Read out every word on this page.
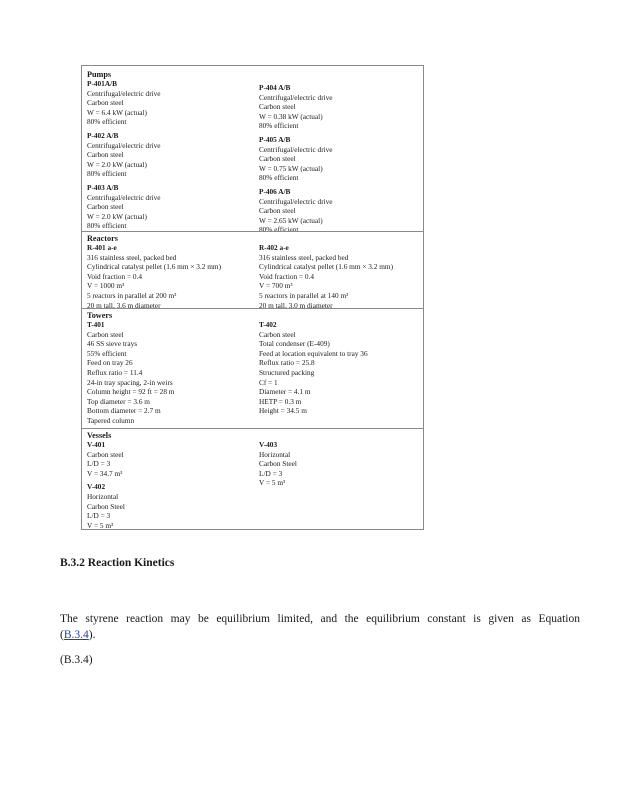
Pumps
P-401A/B
Centrifugal/electric drive
Carbon steel
W = 6.4 kW (actual)
80% efficient
P-402 A/B
Centrifugal/electric drive
Carbon steel
W = 2.0 kW (actual)
80% efficient
P-403 A/B
Centrifugal/electric drive
Carbon steel
W = 2.0 kW (actual)
80% efficient
P-404 A/B
Centrifugal/electric drive
Carbon steel
W = 0.38 kW (actual)
80% efficient
P-405 A/B
Centrifugal/electric drive
Carbon steel
W = 0.75 kW (actual)
80% efficient
P-406 A/B
Centrifugal/electric drive
Carbon steel
W = 2.65 kW (actual)
80% efficient
Reactors
R-401 a-e
316 stainless steel, packed bed
Cylindrical catalyst pellet (1.6 mm × 3.2 mm)
Void fraction = 0.4
V = 1000 m³
5 reactors in parallel at 200 m³
20 m tall, 3.6 m diameter
R-402 a-e
316 stainless steel, packed bed
Cylindrical catalyst pellet (1.6 mm × 3.2 mm)
Void fraction = 0.4
V = 700 m³
5 reactors in parallel at 140 m³
20 m tall, 3.0 m diameter
Towers
T-401
Carbon steel
46 SS sieve trays
55% efficient
Feed on tray 26
Reflux ratio = 11.4
24-in tray spacing, 2-in weirs
Column height = 92 ft = 28 m
Top diameter = 3.6 m
Bottom diameter = 2.7 m
Tapered column
T-402
Carbon steel
Total condenser (E-409)
Feed at location equivalent to tray 36
Reflux ratio = 25.8
Structured packing
Cf = 1
Diameter = 4.1 m
HETP = 0.3 m
Height = 34.5 m
Vessels
V-401
Carbon steel
L/D = 3
V = 34.7 m³
V-402
Horizontal
Carbon Steel
L/D = 3
V = 5 m³
V-403
Horizontal
Carbon Steel
L/D = 3
V = 5 m³
B.3.2 Reaction Kinetics
The styrene reaction may be equilibrium limited, and the equilibrium constant is given as Equation
(B.3.4).
(B.3.4)
